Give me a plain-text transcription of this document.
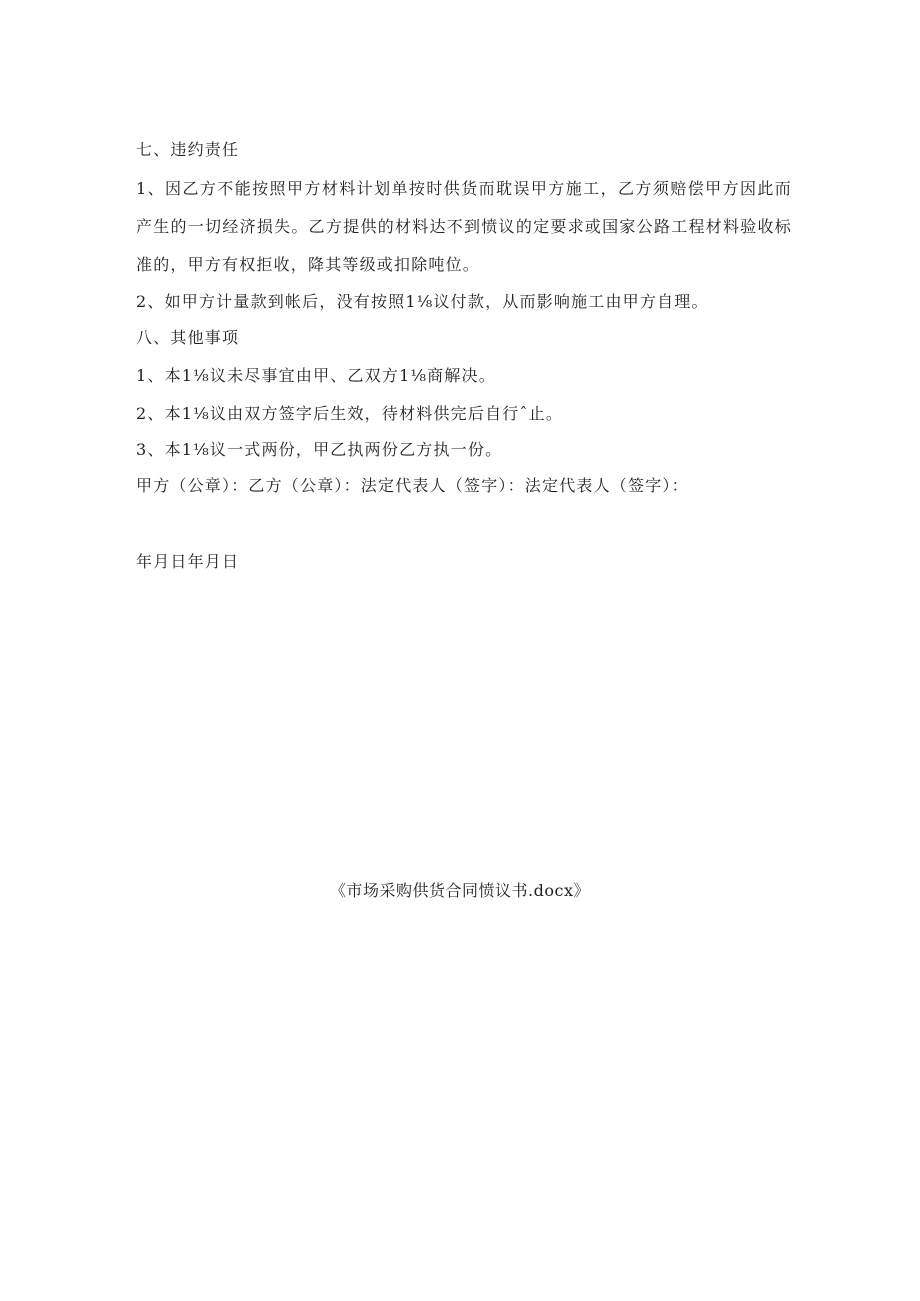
七、违约责任
1、因乙方不能按照甲方材料计划单按时供货而耽误甲方施工，乙方须赔偿甲方因此而产生的一切经济损失。乙方提供的材料达不到愤议的定要求或国家公路工程材料验收标准的，甲方有权拒收，降其等级或扣除吨位。
2、如甲方计量款到帐后，没有按照1⅛议付款，从而影响施工由甲方自理。
八、其他事项
1、本1⅛议未尽事宜由甲、乙双方1⅛商解决。
2、本1⅛议由双方签字后生效，待材料供完后自行ˆ止。
3、本1⅛议一式两份，甲乙执两份乙方执一份。
甲方（公章）：乙方（公章）：法定代表人（签字）：法定代表人（签字）：
年月日年月日
《市场采购供货合同愤议书.docx》
